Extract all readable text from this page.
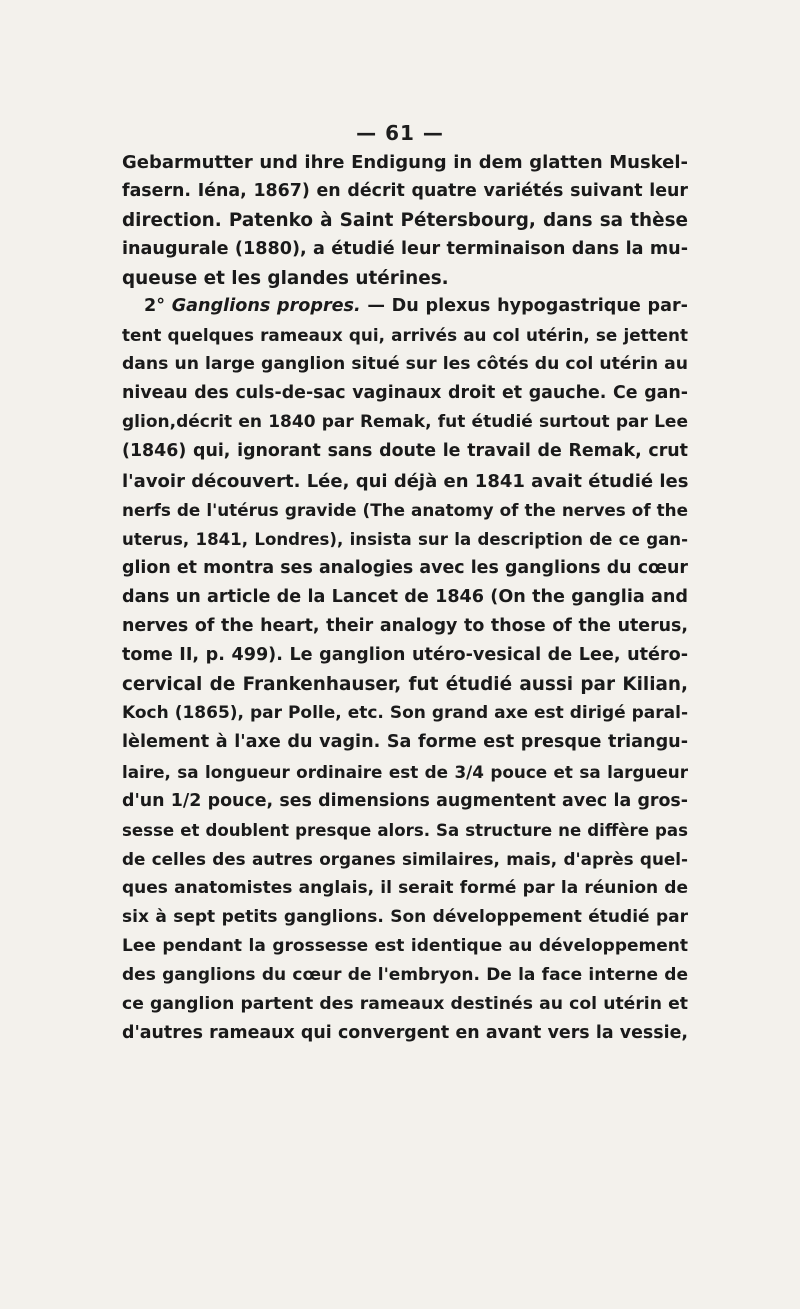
— 61 —
Gebarmutter und ihre Endigung in dem glatten Muskel-
fasern. Iéna, 1867) en décrit quatre variétés suivant leur
direction. Patenko à Saint Pétersbourg, dans sa thèse
inaugurale (1880), a étudié leur terminaison dans la mu-
queuse et les glandes utérines.
2° Ganglions propres. — Du plexus hypogastrique par-
tent quelques rameaux qui, arrivés au col utérin, se jettent
dans un large ganglion situé sur les côtés du col utérin au
niveau des culs-de-sac vaginaux droit et gauche. Ce gan-
glion,décrit en 1840 par Remak, fut étudié surtout par Lee
(1846) qui, ignorant sans doute le travail de Remak, crut
l'avoir découvert. Lée, qui déjà en 1841 avait étudié les
nerfs de l'utérus gravide (The anatomy of the nerves of the
uterus, 1841, Londres), insista sur la description de ce gan-
glion et montra ses analogies avec les ganglions du cœur
dans un article de la Lancet de 1846 (On the ganglia and
nerves of the heart, their analogy to those of the uterus,
tome II, p. 499). Le ganglion utéro-vesical de Lee, utéro-
cervical de Frankenhauser, fut étudié aussi par Kilian,
Koch (1865), par Polle, etc. Son grand axe est dirigé paral-
lèlement à l'axe du vagin. Sa forme est presque triangu-
laire, sa longueur ordinaire est de 3/4 pouce et sa largueur
d'un 1/2 pouce, ses dimensions augmentent avec la gros-
sesse et doublent presque alors. Sa structure ne diffère pas
de celles des autres organes similaires, mais, d'après quel-
ques anatomistes anglais, il serait formé par la réunion de
six à sept petits ganglions. Son développement étudié par
Lee pendant la grossesse est identique au développement
des ganglions du cœur de l'embryon. De la face interne de
ce ganglion partent des rameaux destinés au col utérin et
d'autres rameaux qui convergent en avant vers la vessie,
